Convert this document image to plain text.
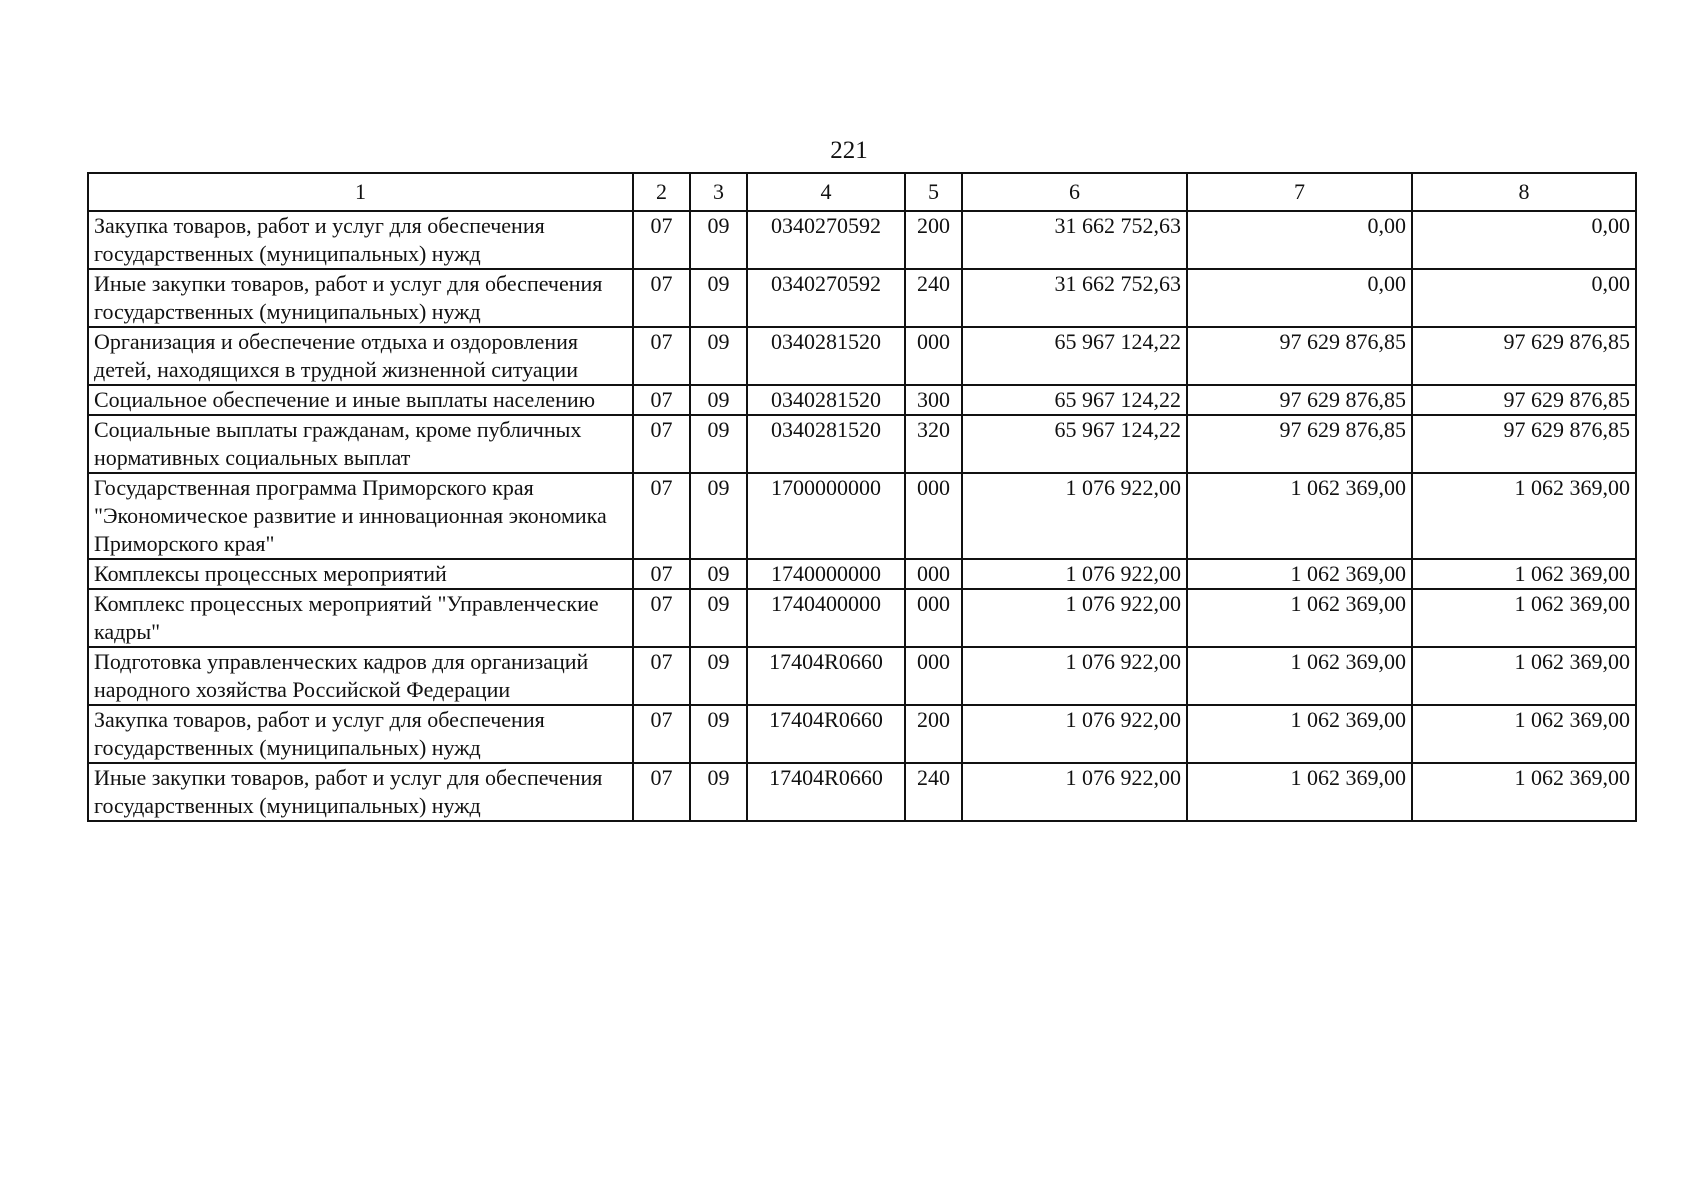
221
1	2	3	4	5	6	7	8
Закупка товаров, работ и услуг для обеспечения государственных (муниципальных) нужд	07	09	0340270592	200	31 662 752,63	0,00	0,00
Иные закупки товаров, работ и услуг для обеспечения государственных (муниципальных) нужд	07	09	0340270592	240	31 662 752,63	0,00	0,00
Организация и обеспечение отдыха и оздоровления детей, находящихся в трудной жизненной ситуации	07	09	0340281520	000	65 967 124,22	97 629 876,85	97 629 876,85
Социальное обеспечение и иные выплаты населению	07	09	0340281520	300	65 967 124,22	97 629 876,85	97 629 876,85
Социальные выплаты гражданам, кроме публичных нормативных социальных выплат	07	09	0340281520	320	65 967 124,22	97 629 876,85	97 629 876,85
Государственная программа Приморского края "Экономическое развитие и инновационная экономика Приморского края"	07	09	1700000000	000	1 076 922,00	1 062 369,00	1 062 369,00
Комплексы процессных мероприятий	07	09	1740000000	000	1 076 922,00	1 062 369,00	1 062 369,00
Комплекс процессных мероприятий "Управленческие кадры"	07	09	1740400000	000	1 076 922,00	1 062 369,00	1 062 369,00
Подготовка управленческих кадров для организаций народного хозяйства Российской Федерации	07	09	17404R0660	000	1 076 922,00	1 062 369,00	1 062 369,00
Закупка товаров, работ и услуг для обеспечения государственных (муниципальных) нужд	07	09	17404R0660	200	1 076 922,00	1 062 369,00	1 062 369,00
Иные закупки товаров, работ и услуг для обеспечения государственных (муниципальных) нужд	07	09	17404R0660	240	1 076 922,00	1 062 369,00	1 062 369,00
